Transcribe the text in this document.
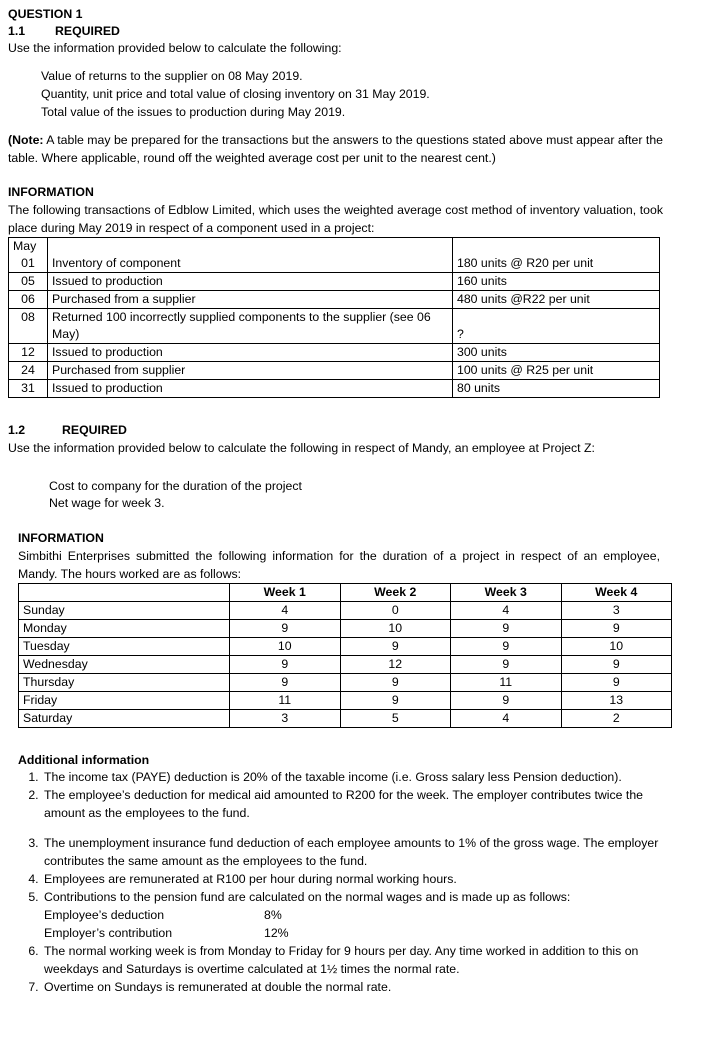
QUESTION 1
1.1 REQUIRED
Use the information provided below to calculate the following:
Value of returns to the supplier on 08 May 2019.
Quantity, unit price and total value of closing inventory on 31 May 2019.
Total value of the issues to production during May 2019.
(Note: A table may be prepared for the transactions but the answers to the questions stated above must appear after the table. Where applicable, round off the weighted average cost per unit to the nearest cent.)
INFORMATION
The following transactions of Edblow Limited, which uses the weighted average cost method of inventory valuation, took place during May 2019 in respect of a component used in a project:
May		
01	Inventory of component	180 units @ R20 per unit
05	Issued to production	160 units
06	Purchased from a supplier	480 units @R22 per unit
08	Returned 100 incorrectly supplied components to the supplier (see 06 May)	?
12	Issued to production	300 units
24	Purchased from supplier	100 units @ R25 per unit
31	Issued to production	80 units
1.2	REQUIRED
Use the information provided below to calculate the following in respect of Mandy, an employee at Project Z:
Cost to company for the duration of the project
Net wage for week 3.
INFORMATION
Simbithi Enterprises submitted the following information for the duration of a project in respect of an employee, Mandy. The hours worked are as follows:
	Week 1	Week 2	Week 3	Week 4
Sunday	4	0	4	3
Monday	9	10	9	9
Tuesday	10	9	9	10
Wednesday	9	12	9	9
Thursday	9	9	11	9
Friday	11	9	9	13
Saturday	3	5	4	2
Additional information
1. The income tax (PAYE) deduction is 20% of the taxable income (i.e. Gross salary less Pension deduction).
2. The employee’s deduction for medical aid amounted to R200 for the week. The employer contributes twice the amount as the employees to the fund.
3. The unemployment insurance fund deduction of each employee amounts to 1% of the gross wage. The employer contributes the same amount as the employees to the fund.
4. Employees are remunerated at R100 per hour during normal working hours.
5. Contributions to the pension fund are calculated on the normal wages and is made up as follows:
Employee’s deduction	8%
Employer’s contribution	12%
6. The normal working week is from Monday to Friday for 9 hours per day. Any time worked in addition to this on weekdays and Saturdays is overtime calculated at 1½ times the normal rate.
7. Overtime on Sundays is remunerated at double the normal rate.
